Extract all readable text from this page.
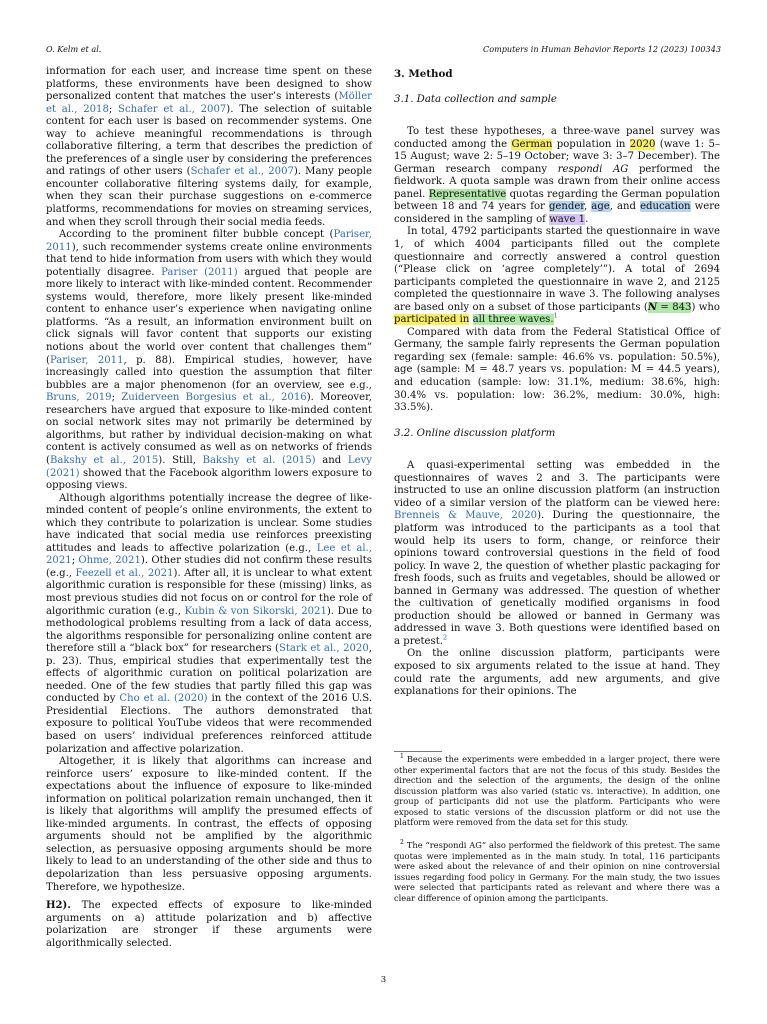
O. Kelm et al.	Computers in Human Behavior Reports 12 (2023) 100343

information for each user, and increase time spent on these platforms, these environments have been designed to show personalized content that matches the user’s interests (Möller et al., 2018; Schafer et al., 2007). The selection of suitable content for each user is based on recommender systems. One way to achieve meaningful recommendations is through collaborative filtering, a term that describes the prediction of the preferences of a single user by considering the preferences and ratings of other users (Schafer et al., 2007). Many people encounter collaborative filtering systems daily, for example, when they scan their purchase suggestions on e-commerce platforms, recommendations for movies on streaming services, and when they scroll through their social media feeds.

According to the prominent filter bubble concept (Pariser, 2011), such recommender systems create online environments that tend to hide information from users with which they would potentially disagree. Pariser (2011) argued that people are more likely to interact with like-minded content. Recommender systems would, therefore, more likely present like-minded content to enhance user’s experience when navigating online platforms. “As a result, an information environment built on click signals will favor content that supports our existing notions about the world over content that challenges them” (Pariser, 2011, p. 88). Empirical studies, however, have increasingly called into question the assumption that filter bubbles are a major phenomenon (for an overview, see e.g., Bruns, 2019; Zuiderveen Borgesius et al., 2016). Moreover, researchers have argued that exposure to like-minded content on social network sites may not primarily be determined by algorithms, but rather by individual decision-making on what content is actively consumed as well as on networks of friends (Bakshy et al., 2015). Still, Bakshy et al. (2015) and Levy (2021) showed that the Facebook algorithm lowers exposure to opposing views.

Although algorithms potentially increase the degree of like-minded content of people’s online environments, the extent to which they contribute to polarization is unclear. Some studies have indicated that social media use reinforces preexisting attitudes and leads to affective polarization (e.g., Lee et al., 2021; Ohme, 2021). Other studies did not confirm these results (e.g., Feezell et al., 2021). After all, it is unclear to what extent algorithmic curation is responsible for these (missing) links, as most previous studies did not focus on or control for the role of algorithmic curation (e.g., Kubin & von Sikorski, 2021). Due to methodological problems resulting from a lack of data access, the algorithms responsible for personalizing online content are therefore still a “black box” for researchers (Stark et al., 2020, p. 23). Thus, empirical studies that experimentally test the effects of algorithmic curation on political polarization are needed. One of the few studies that partly filled this gap was conducted by Cho et al. (2020) in the context of the 2016 U.S. Presidential Elections. The authors demonstrated that exposure to political YouTube videos that were recommended based on users’ individual preferences reinforced attitude polarization and affective polarization.

Altogether, it is likely that algorithms can increase and reinforce users’ exposure to like-minded content. If the expectations about the influence of exposure to like-minded information on political polarization remain unchanged, then it is likely that algorithms will amplify the presumed effects of like-minded arguments. In contrast, the effects of opposing arguments should not be amplified by the algorithmic selection, as persuasive opposing arguments should be more likely to lead to an understanding of the other side and thus to depolarization than less persuasive opposing arguments. Therefore, we hypothesize.

H2). The expected effects of exposure to like-minded arguments on a) attitude polarization and b) affective polarization are stronger if these arguments were algorithmically selected.

3. Method
3.1. Data collection and sample

To test these hypotheses, a three-wave panel survey was conducted among the German population in 2020 (wave 1: 5–15 August; wave 2: 5–19 October; wave 3: 3–7 December). The German research company respondi AG performed the fieldwork. A quota sample was drawn from their online access panel. Representative quotas regarding the German population between 18 and 74 years for gender, age, and education were considered in the sampling of wave 1.

In total, 4792 participants started the questionnaire in wave 1, of which 4004 participants filled out the complete questionnaire and correctly answered a control question (“Please click on ‘agree completely’”). A total of 2694 participants completed the questionnaire in wave 2, and 2125 completed the questionnaire in wave 3. The following analyses are based only on a subset of those participants (N = 843) who participated in all three waves.$^1$

Compared with data from the Federal Statistical Office of Germany, the sample fairly represents the German population regarding sex (female: sample: 46.6% vs. population: 50.5%), age (sample: M = 48.7 years vs. population: M = 44.5 years), and education (sample: low: 31.1%, medium: 38.6%, high: 30.4% vs. population: low: 36.2%, medium: 30.0%, high: 33.5%).

3.2. Online discussion platform

A quasi-experimental setting was embedded in the questionnaires of waves 2 and 3. The participants were instructed to use an online discussion platform (an instruction video of a similar version of the platform can be viewed here: Brenneis & Mauve, 2020). During the questionnaire, the platform was introduced to the participants as a tool that would help its users to form, change, or reinforce their opinions toward controversial questions in the field of food policy. In wave 2, the question of whether plastic packaging for fresh foods, such as fruits and vegetables, should be allowed or banned in Germany was addressed. The question of whether the cultivation of genetically modified organisms in food production should be allowed or banned in Germany was addressed in wave 3. Both questions were identified based on a pretest.$^2$

On the online discussion platform, participants were exposed to six arguments related to the issue at hand. They could rate the arguments, add new arguments, and give explanations for their opinions. The

$^1$ Because the experiments were embedded in a larger project, there were other experimental factors that are not the focus of this study. Besides the direction and the selection of the arguments, the design of the online discussion platform was also varied (static vs. interactive). In addition, one group of participants did not use the platform. Participants who were exposed to static versions of the discussion platform or did not use the platform were removed from the data set for this study.

$^2$ The “respondi AG” also performed the fieldwork of this pretest. The same quotas were implemented as in the main study. In total, 116 participants were asked about the relevance of and their opinion on nine controversial issues regarding food policy in Germany. For the main study, the two issues were selected that participants rated as relevant and where there was a clear difference of opinion among the participants.

3
